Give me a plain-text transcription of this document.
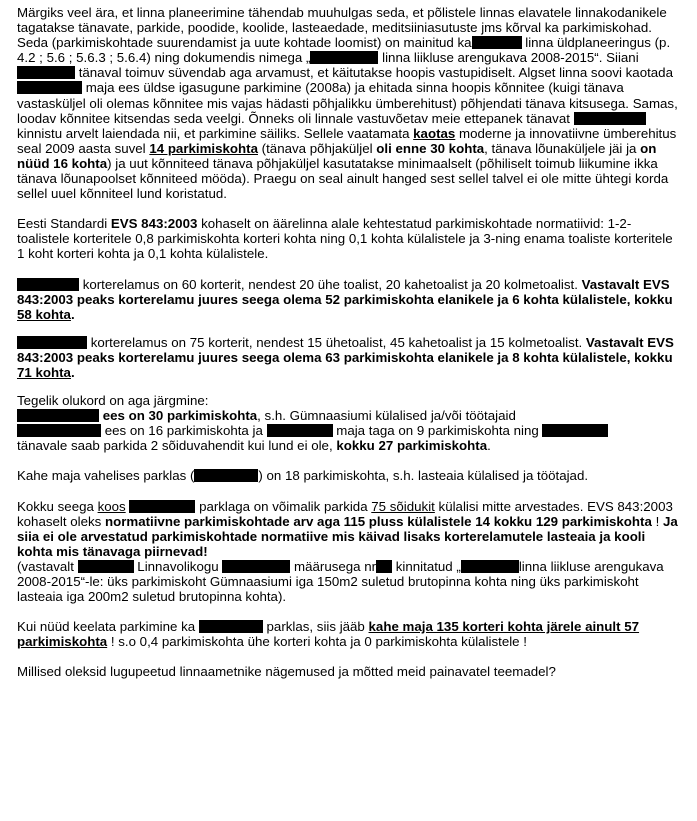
Märgiks veel ära, et linna planeerimine tähendab muuhulgas seda, et põlistele linnas elavatele linnakodanikele tagatakse tänavate, parkide, poodide, koolide, lasteaedade, meditsiiniasutuste jms kõrval ka parkimiskohad. Seda (parkimiskohtade suurendamist ja uute kohtade loomist) on mainitud ka	linna üldplaneeringus (p. 4.2 ; 5.6 ; 5.6.3 ; 5.6.4) ning dokumendis nimega „	linna liikluse arengukava 2008-2015“. Siiani  tänaval toimuv süvendab aga arvamust, et käitutakse hoopis vastupidiselt. Algset linna soovi kaotada  maja ees üldse igasugune parkimine (2008a) ja ehitada sinna hoopis kõnnitee (kuigi tänava vastasküljel oli olemas kõnnitee mis vajas hädasti põhjalikku ümberehitust) põhjendati tänava kitsusega. Samas, loodav kõnnitee kitsendas seda veelgi. Õnneks oli linnale vastuvõetav meie ettepanek tänavat  kinnistu arvelt laiendada nii, et parkimine säiliks. Sellele vaatamata kaotas moderne ja innovatiivne ümberehitus seal 2009 aasta suvel 14 parkimiskohta (tänava põhjaküljel oli enne 30 kohta, tänava lõunaküljele jäi ja on nüüd 16 kohta) ja uut kõnniteed tänava põhjaküljel kasutatakse minimaalselt (põhiliselt toimub liikumine ikka tänava lõunapoolset kõnniteed mööda). Praegu on seal ainult hanged sest sellel talvel ei ole mitte ühtegi korda sellel uuel kõnniteel lund koristatud.

Eesti Standardi EVS 843:2003 kohaselt on äärelinna alale kehtestatud parkimiskohtade normatiivid: 1-2-toalistele korteritele 0,8 parkimiskohta korteri kohta ning 0,1 kohta külalistele ja 3-ning enama toaliste korteritele 1 koht korteri kohta ja 0,1 kohta külalistele.

korterelamus on 60 korterit, nendest 20 ühe toalist, 20 kahetoalist ja 20 kolmetoalist. Vastavalt EVS 843:2003 peaks korterelamu juures seega olema 52 parkimiskohta elanikele ja 6 kohta külalistele, kokku 58 kohta.

korterelamus on 75 korterit, nendest 15 ühetoalist, 45 kahetoalist ja 15 kolmetoalist. Vastavalt EVS 843:2003 peaks korterelamu juures seega olema 63 parkimiskohta elanikele ja 8 kohta külalistele, kokku 71 kohta.

Tegelik olukord on aga järgmine:
ees on 30 parkimiskohta, s.h. Gümnaasiumi külalised ja/või töötajaid
ees on 16 parkimiskohta ja	maja taga on 9 parkimiskohta ning
tänavale saab parkida 2 sõiduvahendit kui lund ei ole, kokku 27 parkimiskohta.

Kahe maja vahelises parklas (	) on 18 parkimiskohta, s.h. lasteaia külalised ja töötajad.

Kokku seega koos	parklaga on võimalik parkida 75 sõidukit külalisi mitte arvestades. EVS 843:2003 kohaselt oleks normatiivne parkimiskohtade arv aga 115 pluss külalistele 14 kokku 129 parkimiskohta ! Ja siia ei ole arvestatud parkimiskohtade normatiive mis käivad lisaks korterelamutele lasteaia ja kooli kohta mis tänavaga piirnevad!
(vastavalt	Linnavolikogu	määrusega nr kinnitatud „	linna liikluse arengukava 2008-2015“-le: üks parkimiskoht Gümnaasiumi iga 150m2 suletud brutopinna kohta ning üks parkimiskoht lasteaia iga 200m2 suletud brutopinna kohta).

Kui nüüd keelata parkimine ka	parklas, siis jääb kahe maja 135 korteri kohta järele ainult 57 parkimiskohta ! s.o 0,4 parkimiskohta ühe korteri kohta ja 0 parkimiskohta külalistele !

Millised oleksid lugupeetud linnaametnike nägemused ja mõtted meid painavatel teemadel?
